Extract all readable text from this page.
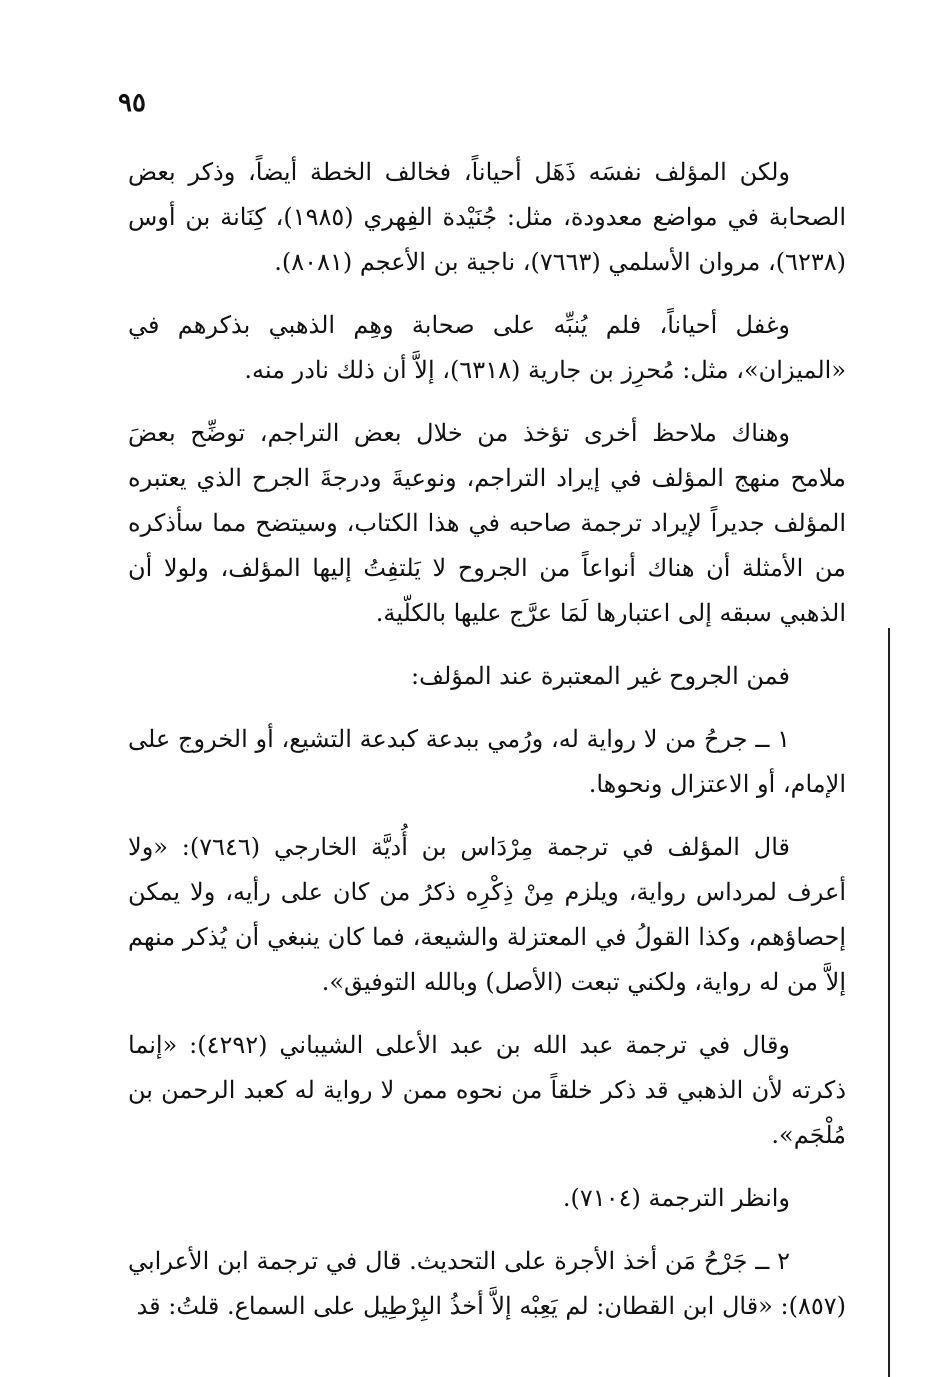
٩٥

ولكن المؤلف نفسَه ذَهَل أحياناً، فخالف الخطة أيضاً، وذكر بعض الصحابة في مواضع معدودة، مثل: جُنَيْدة الفِهري (١٩٨٥)، كِنَانة بن أوس (٦٢٣٨)، مروان الأسلمي (٧٦٦٣)، ناجية بن الأعجم (٨٠٨١).

وغفل أحياناً، فلم يُنبِّه على صحابة وهِم الذهبي بذكرهم في «الميزان»، مثل: مُحرِز بن جارية (٦٣١٨)، إلاَّ أن ذلك نادر منه.

وهناك ملاحظ أخرى تؤخذ من خلال بعض التراجم، توضِّح بعضَ ملامح منهج المؤلف في إيراد التراجم، ونوعيةَ ودرجةَ الجرح الذي يعتبره المؤلف جديراً لإيراد ترجمة صاحبه في هذا الكتاب، وسيتضح مما سأذكره من الأمثلة أن هناك أنواعاً من الجروح لا يَلتفِتُ إليها المؤلف، ولولا أن الذهبي سبقه إلى اعتبارها لَمَا عرَّج عليها بالكلّية.

فمن الجروح غير المعتبرة عند المؤلف:

١ ــ جرحُ من لا رواية له، ورُمي ببدعة كبدعة التشيع، أو الخروج على الإمام، أو الاعتزال ونحوها.

قال المؤلف في ترجمة مِرْدَاس بن أُديَّة الخارجي (٧٦٤٦): «ولا أعرف لمرداس رواية، ويلزم مِنْ ذِكْرِه ذكرُ من كان على رأيه، ولا يمكن إحصاؤهم، وكذا القولُ في المعتزلة والشيعة، فما كان ينبغي أن يُذكر منهم إلاَّ من له رواية، ولكني تبعت (الأصل) وبالله التوفيق».

وقال في ترجمة عبد الله بن عبد الأعلى الشيباني (٤٢٩٢): «إنما ذكرته لأن الذهبي قد ذكر خلقاً من نحوه ممن لا رواية له كعبد الرحمن بن مُلْجَم».

وانظر الترجمة (٧١٠٤).

٢ ــ جَرْحُ مَن أخذ الأجرة على التحديث. قال في ترجمة ابن الأعرابي (٨٥٧): «قال ابن القطان: لم يَعِبْه إلاَّ أخذُ البِرْطِيل على السماع. قلتُ: قد
